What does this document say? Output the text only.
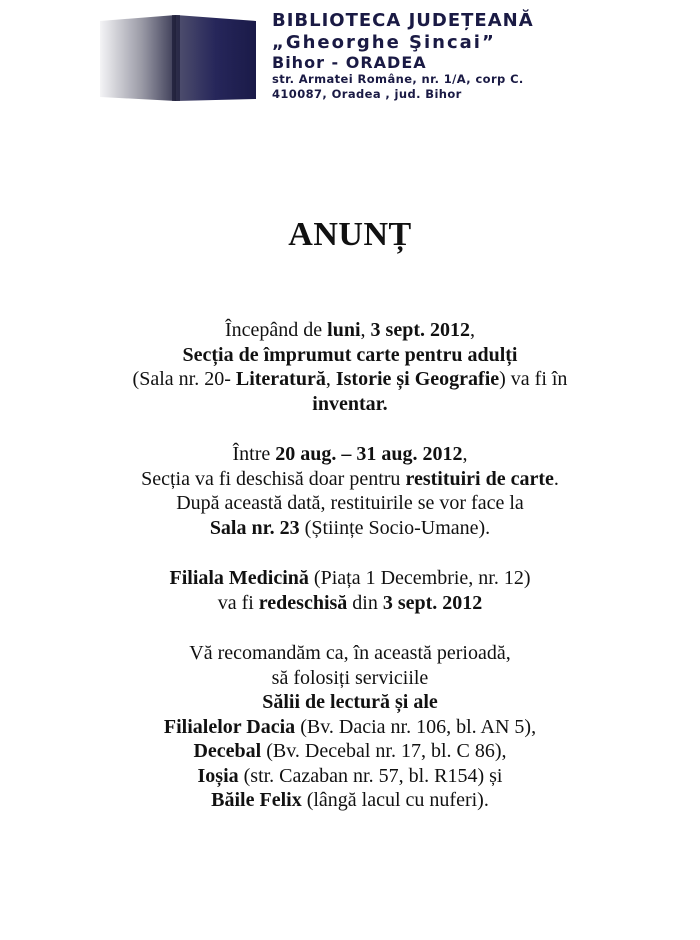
BIBLIOTECA JUDEȚEANĂ
„Gheorghe Şincai”
Bihor - ORADEA
str. Armatei Române, nr. 1/A, corp C.
410087, Oradea , jud. Bihor
ANUNȚ

Începând de luni, 3 sept. 2012,
Secția de împrumut carte pentru adulți
(Sala nr. 20- Literatură, Istorie și Geografie) va fi în
inventar.

Între 20 aug. – 31 aug. 2012,
Secția va fi deschisă doar pentru restituiri de carte.
După această dată, restituirile se vor face la
Sala nr. 23 (Științe Socio-Umane).

Filiala Medicină (Piața 1 Decembrie, nr. 12)
va fi redeschisă din 3 sept. 2012

Vă recomandăm ca, în această perioadă,
să folosiți serviciile
Sălii de lectură și ale
Filialelor Dacia (Bv. Dacia nr. 106, bl. AN 5),
Decebal (Bv. Decebal nr. 17, bl. C 86),
Ioșia (str. Cazaban nr. 57, bl. R154) și
Băile Felix (lângă lacul cu nuferi).
